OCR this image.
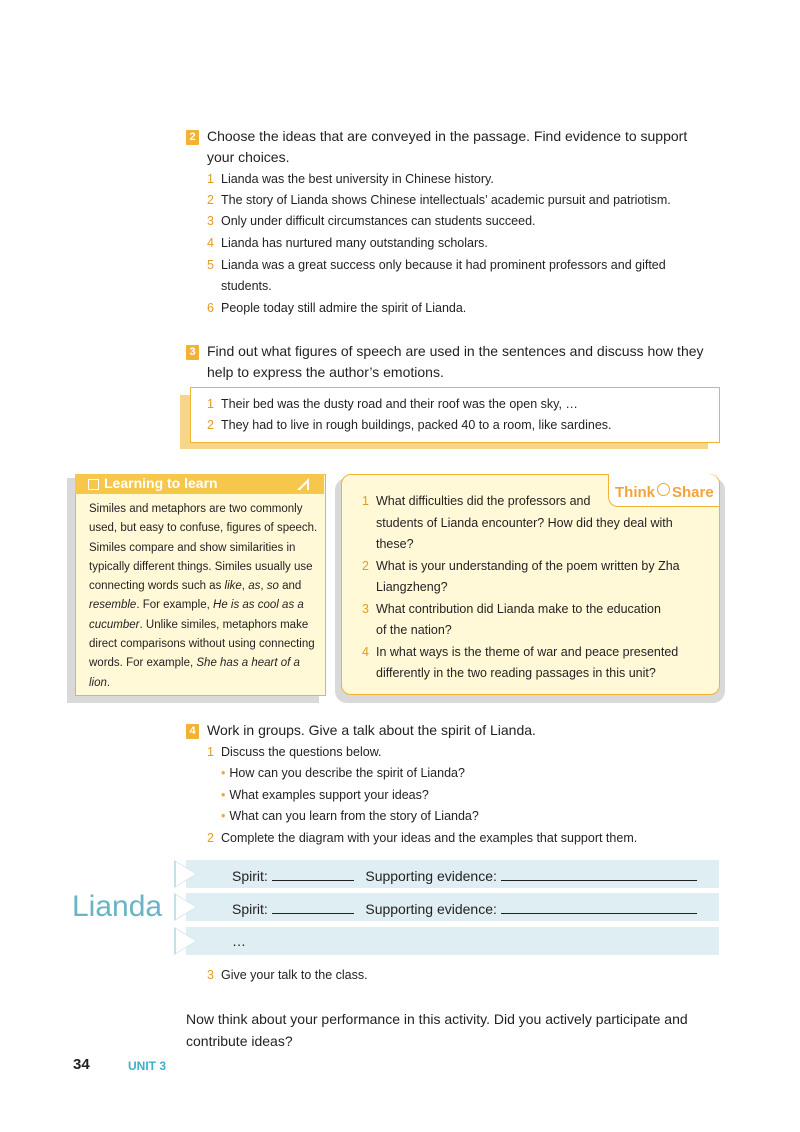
2 Choose the ideas that are conveyed in the passage. Find evidence to support
your choices.
1 Lianda was the best university in Chinese history.
2 The story of Lianda shows Chinese intellectuals’ academic pursuit and patriotism.
3 Only under difficult circumstances can students succeed.
4 Lianda has nurtured many outstanding scholars.
5 Lianda was a great success only because it had prominent professors and gifted
students.
6 People today still admire the spirit of Lianda.
3 Find out what figures of speech are used in the sentences and discuss how they
help to express the author’s emotions.
1 Their bed was the dusty road and their roof was the open sky, …
2 They had to live in rough buildings, packed 40 to a room, like sardines.
Learning to learn
Similes and metaphors are two commonly used, but easy to confuse, figures of speech. Similes compare and show similarities in typically different things. Similes usually use connecting words such as like, as, so and resemble. For example, He is as cool as a cucumber. Unlike similes, metaphors make direct comparisons without using connecting words. For example, She has a heart of a lion.
Think Share
1 What difficulties did the professors and
students of Lianda encounter? How did they deal with
these?
2 What is your understanding of the poem written by Zha
Liangzheng?
3 What contribution did Lianda make to the education
of the nation?
4 In what ways is the theme of war and peace presented
differently in the two reading passages in this unit?
4 Work in groups. Give a talk about the spirit of Lianda.
1 Discuss the questions below.
• How can you describe the spirit of Lianda?
• What examples support your ideas?
• What can you learn from the story of Lianda?
2 Complete the diagram with your ideas and the examples that support them.
Lianda
Spirit:	Supporting evidence:
Spirit:	Supporting evidence:
…
3 Give your talk to the class.
Now think about your performance in this activity. Did you actively participate and
contribute ideas?
34	UNIT 3
